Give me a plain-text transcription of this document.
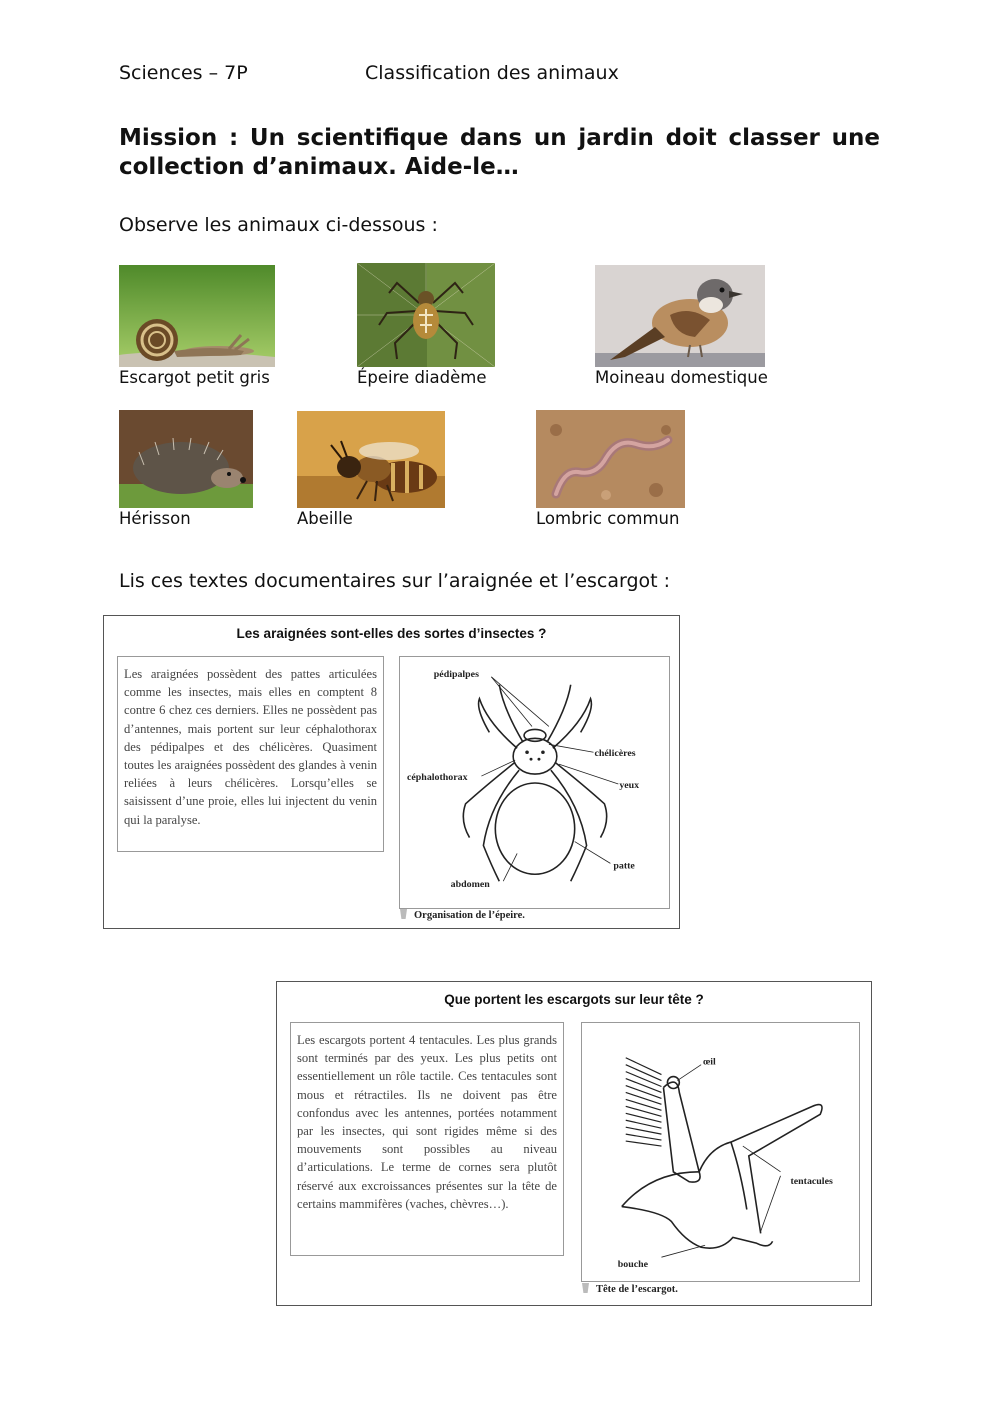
Sciences – 7P	Classification des animaux

Mission : Un scientifique dans un jardin doit classer une collection d’animaux. Aide-le…

Observe les animaux ci-dessous :
Escargot petit gris	Épeire diadème	Moineau domestique
Hérisson	Abeille	Lombric commun
Lis ces textes documentaires sur l’araignée et l’escargot :
Les araignées sont-elles des sortes d’insectes ?
Les araignées possèdent des pattes articulées comme les insectes, mais elles en comptent 8 contre 6 chez ces derniers. Elles ne possèdent pas d’antennes, mais portent sur leur céphalothorax des pédipalpes et des chélicères. Quasiment toutes les araignées possèdent des glandes à venin reliées à leurs chélicères. Lorsqu’elles se saisissent d’une proie, elles lui injectent du venin qui la paralyse.
pédipalpes
chélicères
céphalothorax
yeux
patte
abdomen
Organisation de l’épeire.
Que portent les escargots sur leur tête ?
Les escargots portent 4 tentacules. Les plus grands sont terminés par des yeux. Les plus petits ont essentiellement un rôle tactile. Ces tentacules sont mous et rétractiles. Ils ne doivent pas être confondus avec les antennes, portées notamment par les insectes, qui sont rigides même si des mouvements sont possibles au niveau d’articulations. Le terme de cornes sera plutôt réservé aux excroissances présentes sur la tête de certains mammifères (vaches, chèvres…).
œil
tentacules
bouche
Tête de l’escargot.
